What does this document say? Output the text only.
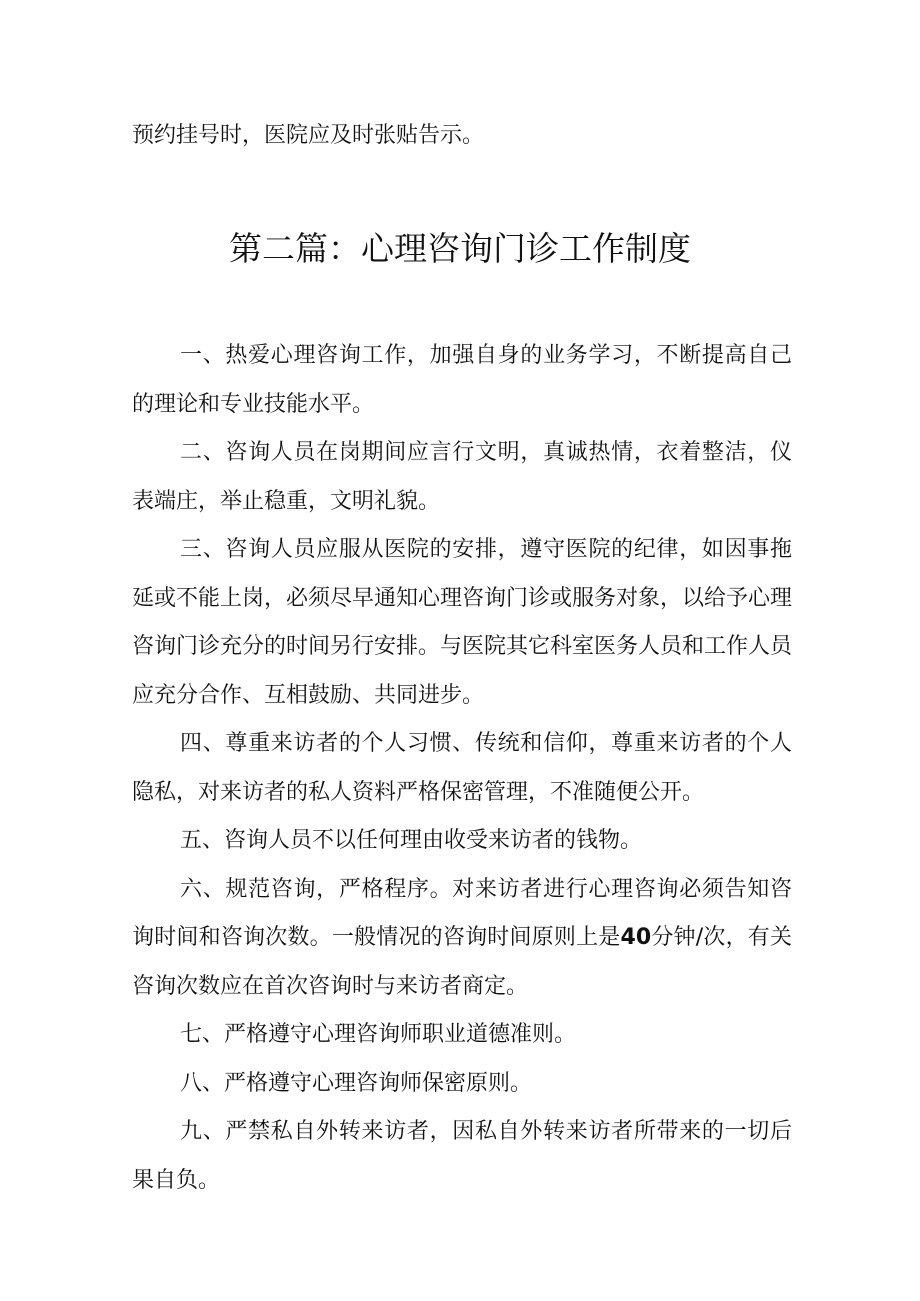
预约挂号时，医院应及时张贴告示。

第二篇：心理咨询门诊工作制度

一、热爱心理咨询工作，加强自身的业务学习，不断提高自己的理论和专业技能水平。

二、咨询人员在岗期间应言行文明，真诚热情，衣着整洁，仪表端庄，举止稳重，文明礼貌。

三、咨询人员应服从医院的安排，遵守医院的纪律，如因事拖延或不能上岗，必须尽早通知心理咨询门诊或服务对象，以给予心理咨询门诊充分的时间另行安排。与医院其它科室医务人员和工作人员应充分合作、互相鼓励、共同进步。

四、尊重来访者的个人习惯、传统和信仰，尊重来访者的个人隐私，对来访者的私人资料严格保密管理，不准随便公开。

五、咨询人员不以任何理由收受来访者的钱物。

六、规范咨询，严格程序。对来访者进行心理咨询必须告知咨询时间和咨询次数。一般情况的咨询时间原则上是40分钟/次，有关咨询次数应在首次咨询时与来访者商定。

七、严格遵守心理咨询师职业道德准则。

八、严格遵守心理咨询师保密原则。

九、严禁私自外转来访者，因私自外转来访者所带来的一切后果自负。
